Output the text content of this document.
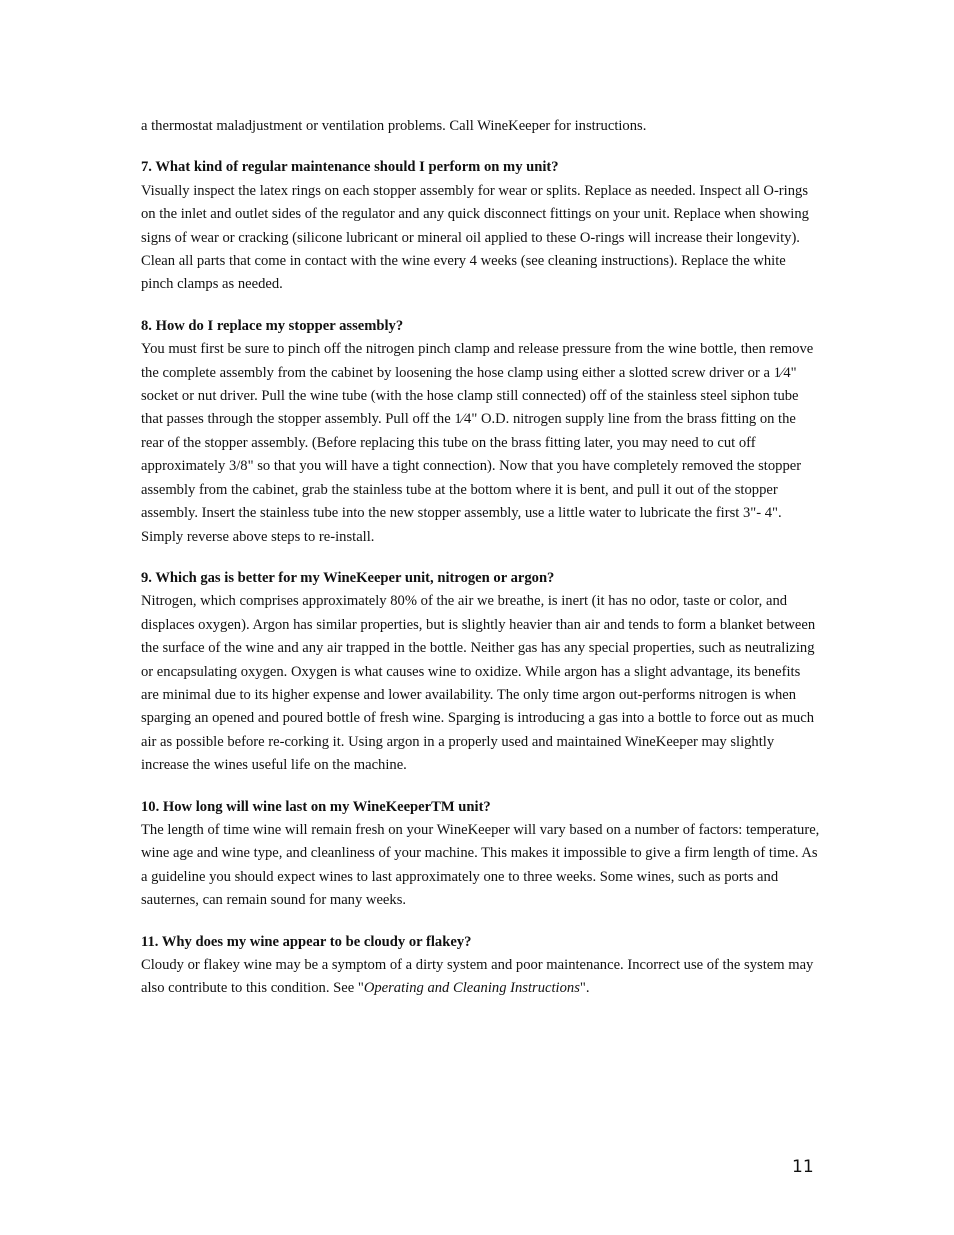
a thermostat maladjustment or ventilation problems. Call WineKeeper for instructions.

7. What kind of regular maintenance should I perform on my unit?

Visually inspect the latex rings on each stopper assembly for wear or splits. Replace as needed. Inspect all O-rings on the inlet and outlet sides of the regulator and any quick disconnect fittings on your unit. Replace when showing signs of wear or cracking (silicone lubricant or mineral oil applied to these O-rings will increase their longevity). Clean all parts that come in contact with the wine every 4 weeks (see cleaning instructions). Replace the white pinch clamps as needed.

8. How do I replace my stopper assembly?

You must first be sure to pinch off the nitrogen pinch clamp and release pressure from the wine bottle, then remove the complete assembly from the cabinet by loosening the hose clamp using either a slotted screw driver or a 1⁄4" socket or nut driver. Pull the wine tube (with the hose clamp still connected) off of the stainless steel siphon tube that passes through the stopper assembly. Pull off the 1⁄4" O.D. nitrogen supply line from the brass fitting on the rear of the stopper assembly. (Before replacing this tube on the brass fitting later, you may need to cut off approximately 3/8" so that you will have a tight connection). Now that you have completely removed the stopper assembly from the cabinet, grab the stainless tube at the bottom where it is bent, and pull it out of the stopper assembly. Insert the stainless tube into the new stopper assembly, use a little water to lubricate the first 3"- 4". Simply reverse above steps to re-install.

9. Which gas is better for my WineKeeper unit, nitrogen or argon?

Nitrogen, which comprises approximately 80% of the air we breathe, is inert (it has no odor, taste or color, and displaces oxygen). Argon has similar properties, but is slightly heavier than air and tends to form a blanket between the surface of the wine and any air trapped in the bottle. Neither gas has any special properties, such as neutralizing or encapsulating oxygen. Oxygen is what causes wine to oxidize. While argon has a slight advantage, its benefits are minimal due to its higher expense and lower availability. The only time argon out-performs nitrogen is when sparging an opened and poured bottle of fresh wine. Sparging is introducing a gas into a bottle to force out as much air as possible before re-corking it. Using argon in a properly used and maintained WineKeeper may slightly increase the wines useful life on the machine.

10. How long will wine last on my WineKeeperTM unit?

The length of time wine will remain fresh on your WineKeeper will vary based on a number of factors: temperature, wine age and wine type, and cleanliness of your machine. This makes it impossible to give a firm length of time. As a guideline you should expect wines to last approximately one to three weeks. Some wines, such as ports and sauternes, can remain sound for many weeks.

11. Why does my wine appear to be cloudy or flakey?

Cloudy or flakey wine may be a symptom of a dirty system and poor maintenance. Incorrect use of the system may also contribute to this condition. See "Operating and Cleaning Instructions".

11
